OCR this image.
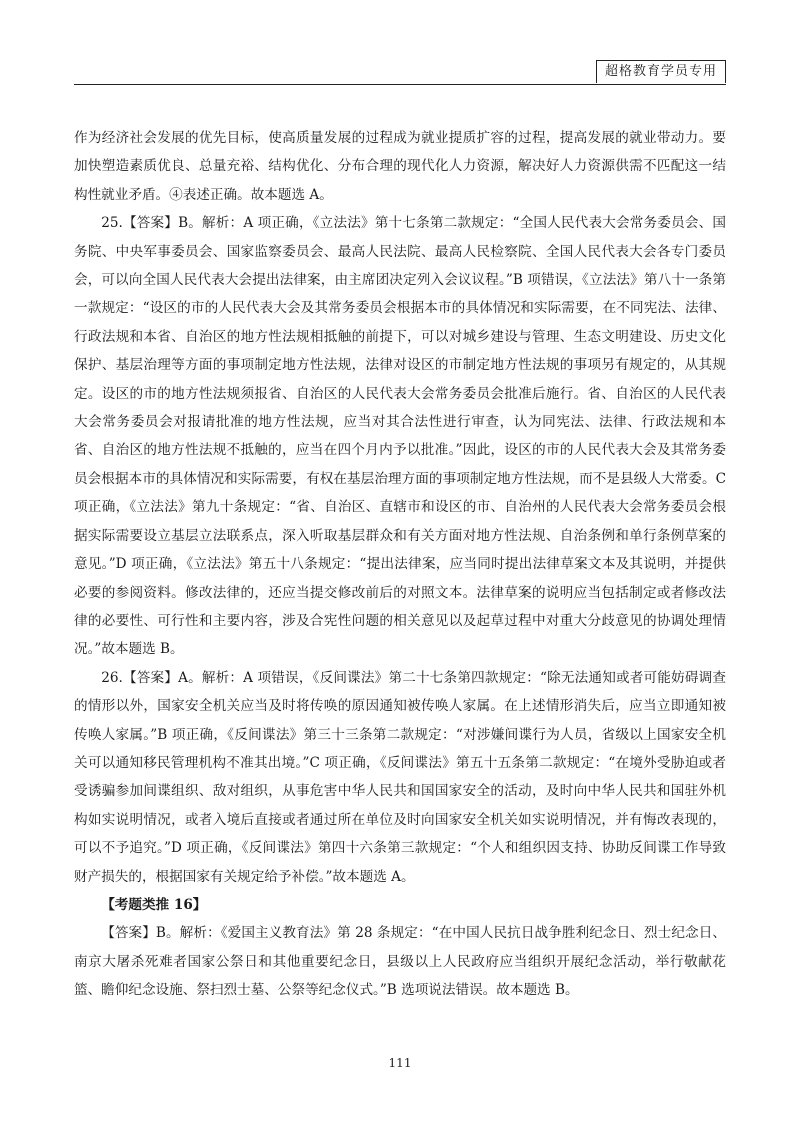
超格教育学员专用

作为经济社会发展的优先目标，使高质量发展的过程成为就业提质扩容的过程，提高发展的就业带动力。要加快塑造素质优良、总量充裕、结构优化、分布合理的现代化人力资源，解决好人力资源供需不匹配这一结构性就业矛盾。④表述正确。故本题选 A。

25.【答案】B。解析：A 项正确，《立法法》第十七条第二款规定：“全国人民代表大会常务委员会、国务院、中央军事委员会、国家监察委员会、最高人民法院、最高人民检察院、全国人民代表大会各专门委员会，可以向全国人民代表大会提出法律案，由主席团决定列入会议议程。”B 项错误，《立法法》第八十一条第一款规定：“设区的市的人民代表大会及其常务委员会根据本市的具体情况和实际需要，在不同宪法、法律、行政法规和本省、自治区的地方性法规相抵触的前提下，可以对城乡建设与管理、生态文明建设、历史文化保护、基层治理等方面的事项制定地方性法规，法律对设区的市制定地方性法规的事项另有规定的，从其规定。设区的市的地方性法规须报省、自治区的人民代表大会常务委员会批准后施行。省、自治区的人民代表大会常务委员会对报请批准的地方性法规，应当对其合法性进行审查，认为同宪法、法律、行政法规和本省、自治区的地方性法规不抵触的，应当在四个月内予以批准。”因此，设区的市的人民代表大会及其常务委员会根据本市的具体情况和实际需要，有权在基层治理方面的事项制定地方性法规，而不是县级人大常委。C 项正确，《立法法》第九十条规定：“省、自治区、直辖市和设区的市、自治州的人民代表大会常务委员会根据实际需要设立基层立法联系点，深入听取基层群众和有关方面对地方性法规、自治条例和单行条例草案的意见。”D 项正确，《立法法》第五十八条规定：“提出法律案，应当同时提出法律草案文本及其说明，并提供必要的参阅资料。修改法律的，还应当提交修改前后的对照文本。法律草案的说明应当包括制定或者修改法律的必要性、可行性和主要内容，涉及合宪性问题的相关意见以及起草过程中对重大分歧意见的协调处理情况。”故本题选 B。

26.【答案】A。解析：A 项错误，《反间谍法》第二十七条第四款规定：“除无法通知或者可能妨碍调查的情形以外，国家安全机关应当及时将传唤的原因通知被传唤人家属。在上述情形消失后，应当立即通知被传唤人家属。”B 项正确，《反间谍法》第三十三条第二款规定：“对涉嫌间谍行为人员，省级以上国家安全机关可以通知移民管理机构不准其出境。”C 项正确，《反间谍法》第五十五条第二款规定：“在境外受胁迫或者受诱骗参加间谍组织、敌对组织，从事危害中华人民共和国国家安全的活动，及时向中华人民共和国驻外机构如实说明情况，或者入境后直接或者通过所在单位及时向国家安全机关如实说明情况，并有悔改表现的，可以不予追究。”D 项正确，《反间谍法》第四十六条第三款规定：“个人和组织因支持、协助反间谍工作导致财产损失的，根据国家有关规定给予补偿。”故本题选 A。

【考题类推 16】

【答案】B。解析：《爱国主义教育法》第 28 条规定：“在中国人民抗日战争胜利纪念日、烈士纪念日、南京大屠杀死难者国家公祭日和其他重要纪念日，县级以上人民政府应当组织开展纪念活动，举行敬献花篮、瞻仰纪念设施、祭扫烈士墓、公祭等纪念仪式。”B 选项说法错误。故本题选 B。

111
